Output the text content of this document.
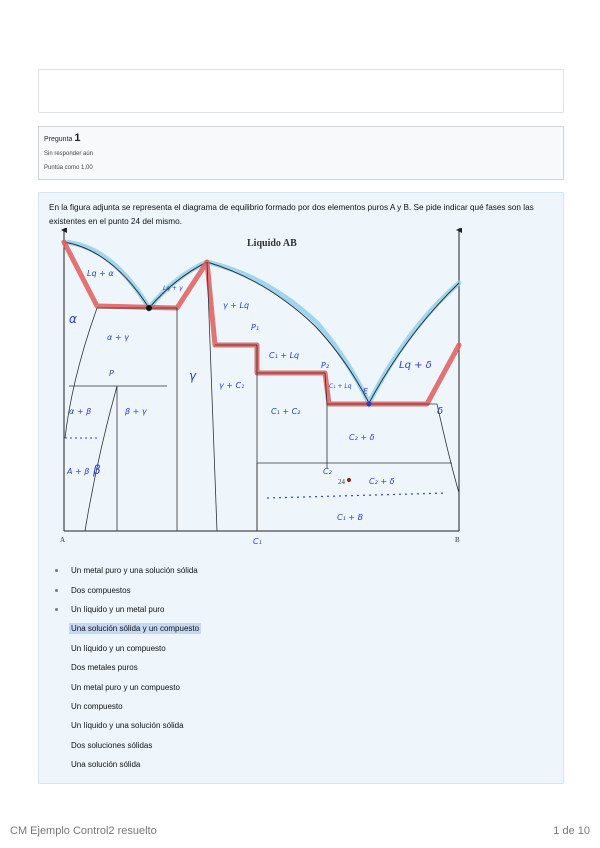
Pregunta 1
Sin responder aún
Puntúa como 1,00
En la figura adjunta se representa el diagrama de equilibrio formado por dos elementos puros A y B. Se pide indicar qué fases son las existentes en el punto 24 del mismo.
Liquido AB
Lq + α
Lq + γ
α
α + γ
γ + Lq
P₁
C₁ + Lq
P₂
P	γ
γ + C₁	C₁ + Lq
E
Lq + δ
α + β	β + γ	C₁ + C₂
C₂ + δ
δ
A + β β	C₂
C₂ + δ
C₁ + B
C₁
24
A	B
Un metal puro y una solución sólida
Dos compuestos
Un líquido y un metal puro
Una solución sólida y un compuesto
Un líquido y un compuesto
Dos metales puros
Un metal puro y un compuesto
Un compuesto
Un líquido y una solución sólida
Dos soluciones sólidas
Una solución sólida
CM Ejemplo Control2 resuelto	1 de 10
